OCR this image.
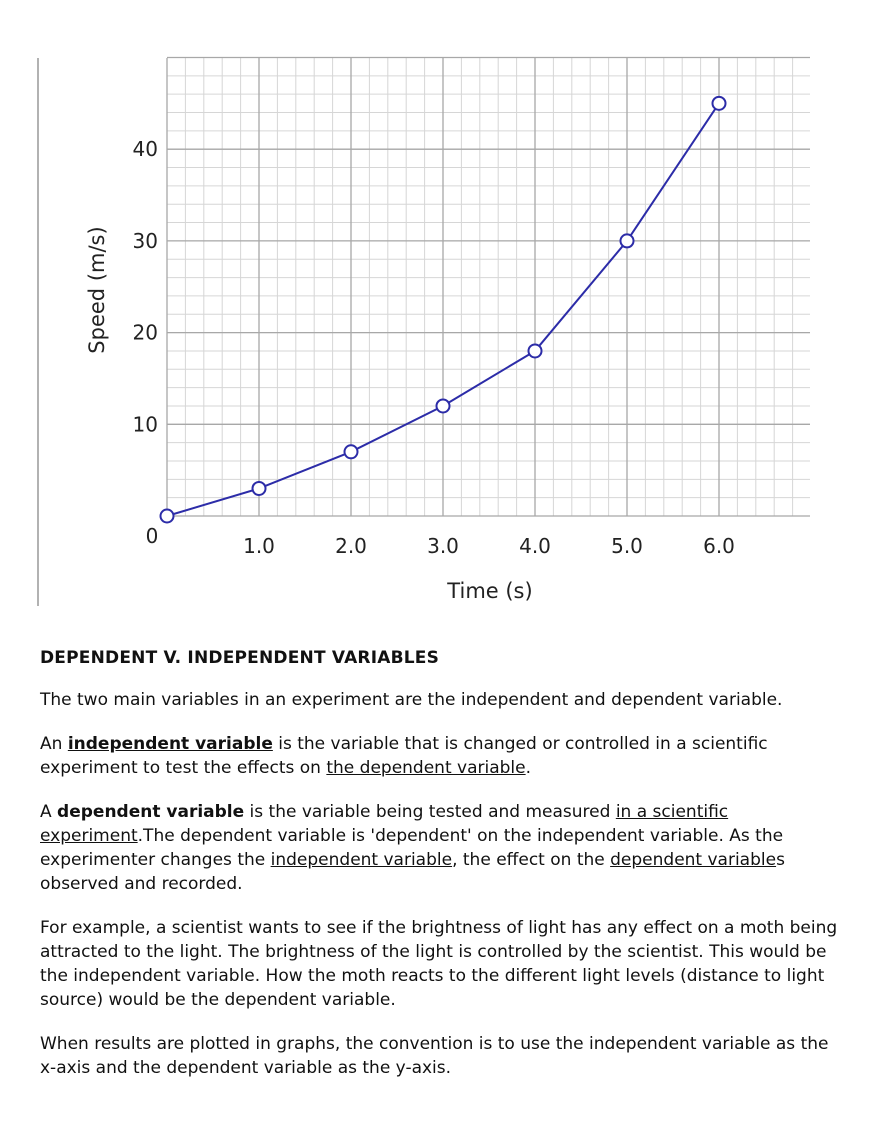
1.0	2.0	3.0	4.0	5.0	6.0
10
20
30
40
0
Time (s)
Speed (m/s)
DEPENDENT V. INDEPENDENT VARIABLES

The two main variables in an experiment are the independent and dependent variable.

An independent variable is the variable that is changed or controlled in a scientific experiment to test the effects on the dependent variable.

A dependent variable is the variable being tested and measured in a scientific experiment.The dependent variable is 'dependent' on the independent variable. As the experimenter changes the independent variable, the effect on the dependent variables observed and recorded.

For example, a scientist wants to see if the brightness of light has any effect on a moth being attracted to the light. The brightness of the light is controlled by the scientist. This would be the independent variable. How the moth reacts to the different light levels (distance to light source) would be the dependent variable.

When results are plotted in graphs, the convention is to use the independent variable as the x-axis and the dependent variable as the y-axis.
